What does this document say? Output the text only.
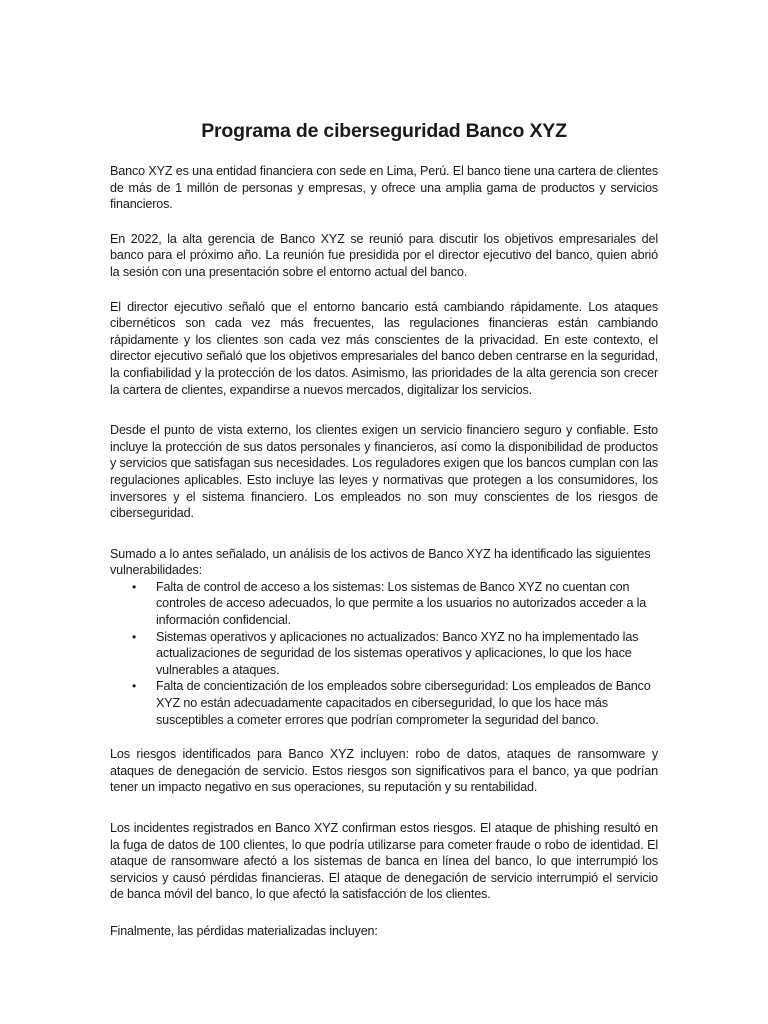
Programa de ciberseguridad Banco XYZ

Banco XYZ es una entidad financiera con sede en Lima, Perú. El banco tiene una cartera de clientes de más de 1 millón de personas y empresas, y ofrece una amplia gama de productos y servicios financieros.

En 2022, la alta gerencia de Banco XYZ se reunió para discutir los objetivos empresariales del banco para el próximo año. La reunión fue presidida por el director ejecutivo del banco, quien abrió la sesión con una presentación sobre el entorno actual del banco.

El director ejecutivo señaló que el entorno bancario está cambiando rápidamente. Los ataques cibernéticos son cada vez más frecuentes, las regulaciones financieras están cambiando rápidamente y los clientes son cada vez más conscientes de la privacidad. En este contexto, el director ejecutivo señaló que los objetivos empresariales del banco deben centrarse en la seguridad, la confiabilidad y la protección de los datos. Asimismo, las prioridades de la alta gerencia son crecer la cartera de clientes, expandirse a nuevos mercados, digitalizar los servicios.

Desde el punto de vista externo, los clientes exigen un servicio financiero seguro y confiable. Esto incluye la protección de sus datos personales y financieros, así como la disponibilidad de productos y servicios que satisfagan sus necesidades. Los reguladores exigen que los bancos cumplan con las regulaciones aplicables. Esto incluye las leyes y normativas que protegen a los consumidores, los inversores y el sistema financiero. Los empleados no son muy conscientes de los riesgos de ciberseguridad.

Sumado a lo antes señalado, un análisis de los activos de Banco XYZ ha identificado las siguientes vulnerabilidades:

• Falta de control de acceso a los sistemas: Los sistemas de Banco XYZ no cuentan con controles de acceso adecuados, lo que permite a los usuarios no autorizados acceder a la información confidencial.
• Sistemas operativos y aplicaciones no actualizados: Banco XYZ no ha implementado las actualizaciones de seguridad de los sistemas operativos y aplicaciones, lo que los hace vulnerables a ataques.
• Falta de concientización de los empleados sobre ciberseguridad: Los empleados de Banco XYZ no están adecuadamente capacitados en ciberseguridad, lo que los hace más susceptibles a cometer errores que podrían comprometer la seguridad del banco.

Los riesgos identificados para Banco XYZ incluyen: robo de datos, ataques de ransomware y ataques de denegación de servicio. Estos riesgos son significativos para el banco, ya que podrían tener un impacto negativo en sus operaciones, su reputación y su rentabilidad.

Los incidentes registrados en Banco XYZ confirman estos riesgos. El ataque de phishing resultó en la fuga de datos de 100 clientes, lo que podría utilizarse para cometer fraude o robo de identidad. El ataque de ransomware afectó a los sistemas de banca en línea del banco, lo que interrumpió los servicios y causó pérdidas financieras. El ataque de denegación de servicio interrumpió el servicio de banca móvil del banco, lo que afectó la satisfacción de los clientes.

Finalmente, las pérdidas materializadas incluyen:
